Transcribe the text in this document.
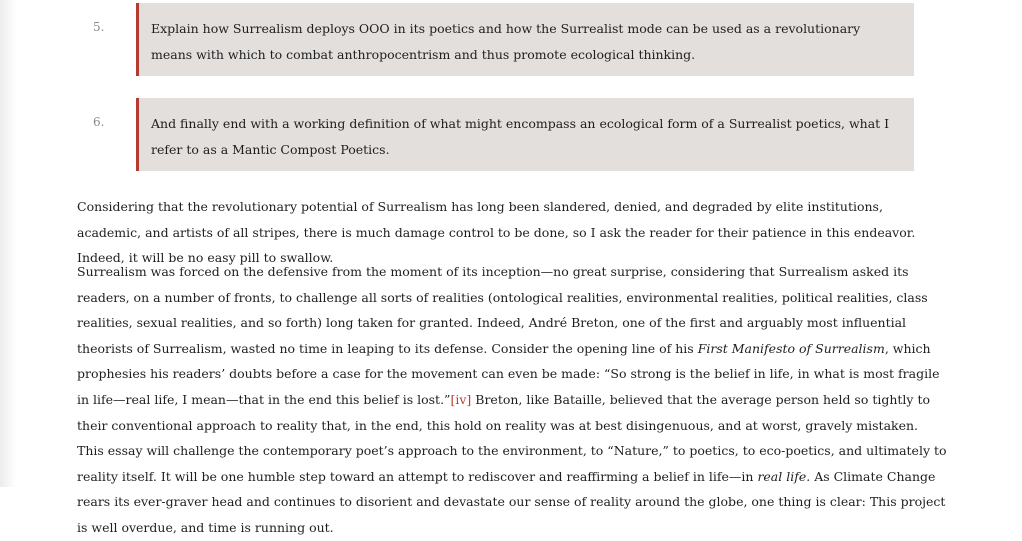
5.	Explain how Surrealism deploys OOO in its poetics and how the Surrealist mode can be used as a revolutionary means with which to combat anthropocentrism and thus promote ecological thinking.
6.	And finally end with a working definition of what might encompass an ecological form of a Surrealist poetics, what I refer to as a Mantic Compost Poetics.

Considering that the revolutionary potential of Surrealism has long been slandered, denied, and degraded by elite institutions, academic, and artists of all stripes, there is much damage control to be done, so I ask the reader for their patience in this endeavor. Indeed, it will be no easy pill to swallow.

Surrealism was forced on the defensive from the moment of its inception—no great surprise, considering that Surrealism asked its readers, on a number of fronts, to challenge all sorts of realities (ontological realities, environmental realities, political realities, class realities, sexual realities, and so forth) long taken for granted. Indeed, André Breton, one of the first and arguably most influential theorists of Surrealism, wasted no time in leaping to its defense. Consider the opening line of his First Manifesto of Surrealism, which prophesies his readers’ doubts before a case for the movement can even be made: “So strong is the belief in life, in what is most fragile in life—real life, I mean—that in the end this belief is lost.”[iv] Breton, like Bataille, believed that the average person held so tightly to their conventional approach to reality that, in the end, this hold on reality was at best disingenuous, and at worst, gravely mistaken. This essay will challenge the contemporary poet’s approach to the environment, to “Nature,” to poetics, to eco-poetics, and ultimately to reality itself. It will be one humble step toward an attempt to rediscover and reaffirming a belief in life—in real life. As Climate Change rears its ever-graver head and continues to disorient and devastate our sense of reality around the globe, one thing is clear: This project is well overdue, and time is running out.
